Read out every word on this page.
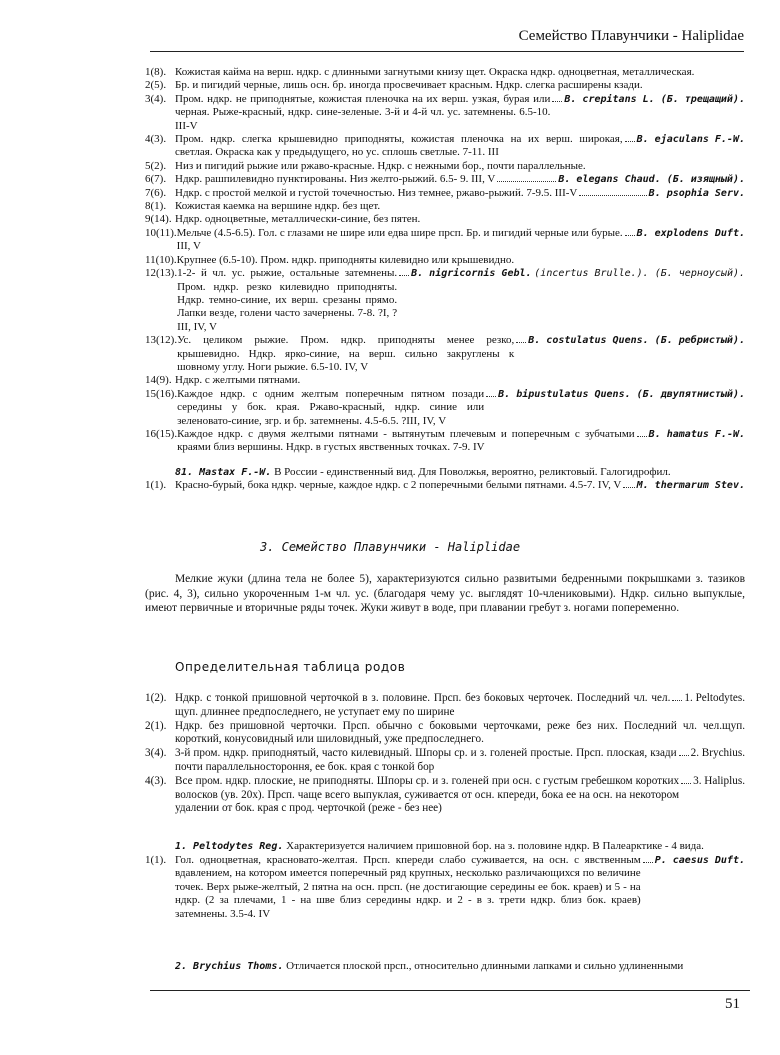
Семейство Плавунчики - Haliplidae
1(8). Кожистая кайма на верш. ндкр. с длинными загнутыми книзу щет. Окраска ндкр. одноцветная, металлическая.
2(5). Бр. и пигидий черные, лишь осн. бр. иногда просвечивает красным. Ндкр. слегка расширены кзади.
3(4). Пром. ндкр. не приподнятые, кожистая пленочка на их верш. узкая, бурая или черная. Рыже-красный, ндкр. сине-зеленые. 3-й и 4-й чл. ус. затемнены. 6.5-10. III-V
B. crepitans L. (Б. трещащий).
4(3). Пром. ндкр. слегка крышевидно приподняты, кожистая пленочка на их верш. широкая, светлая. Окраска как у предыдущего, но ус. сплошь светлые. 7-11. III
B. ejaculans F.-W.
5(2). Низ и пигидий рыжие или ржаво-красные. Ндкр. с нежными бор., почти параллельные.
6(7). Ндкр. рашпилевидно пунктированы. Низ желто-рыжий. 6.5- 9. III, V	B. elegans Chaud. (Б. изящный).
7(6). Ндкр. с простой мелкой и густой точечностью. Низ темнее, ржаво-рыжий. 7-9.5. III-V	B. psophia Serv.
8(1). Кожистая каемка на вершине ндкр. без щет.
9(14). Ндкр. одноцветные, металлически-синие, без пятен.
10(11). Мельче (4.5-6.5). Гол. с глазами не шире или едва шире прсп. Бр. и пигидий черные или бурые. III, V
B. explodens Duft.
11(10). Крупнее (6.5-10). Пром. ндкр. приподняты килевидно или крышевидно.
12(13). 1-2- й чл. ус. рыжие, остальные затемнены. Пром. ндкр. резко килевидно приподняты. Ндкр. темно-синие, их верш. срезаны прямо. Лапки везде, голени часто зачернены. 7-8. ?I, ?III, IV, V
B. nigricornis Gebl.
(incertus Brulle.). (Б. черноусый).
13(12). Ус. целиком рыжие. Пром. ндкр. приподняты менее резко, крышевидно. Ндкр. ярко-синие, на верш. сильно закруглены к шовному углу. Ноги рыжие. 6.5-10. IV, V
B. costulatus Quens. (Б. ребристый).
14(9). Ндкр. с желтыми пятнами.
15(16). Каждое ндкр. с одним желтым поперечным пятном позади середины у бок. края. Ржаво-красный, ндкр. синие или зеленовато-синие, згр. и бр. затемнены. 4.5-6.5. ?III, IV, V
B. bipustulatus Quens. (Б. двупятнистый).
16(15). Каждое ндкр. с двумя желтыми пятнами - вытянутым плечевым и поперечным с зубчатыми краями близ вершины. Ндкр. в густых явственных точках. 7-9. IV
B. hamatus F.-W.

81. Mastax F.-W. В России - единственный вид. Для Поволжья, вероятно, реликтовый. Галогидрофил.

1(1). Красно-бурый, бока ндкр. черные, каждое ндкр. с 2 поперечными белыми пятнами. 4.5-7. IV, V M. thermarum Stev.
3. Семейство Плавунчики - Haliplidae

Мелкие жуки (длина тела не более 5), характеризуются сильно развитыми бедренными покрышками з. тазиков (рис. 4, 3), сильно укороченным 1-м чл. ус. (благодаря чему ус. выглядят 10-члениковыми). Ндкр. сильно выпуклые, имеют первичные и вторичные ряды точек. Жуки живут в воде, при плавании гребут з. ногами попеременно.

Определительная таблица родов
1(2). Ндкр. с тонкой пришовной черточкой в з. половине. Прсп. без боковых черточек. Последний чл. чел. щуп. длиннее предпоследнего, не уступает ему по ширине
1. Peltodytes.
2(1). Ндкр. без пришовной черточки. Прсп. обычно с боковыми черточками, реже без них. Последний чл. чел.щуп. короткий, конусовидный или шиловидный, уже предпоследнего.
3(4). 3-й пром. ндкр. приподнятый, часто килевидный. Шпоры ср. и з. голеней простые. Прсп. плоская, кзади почти параллельностороння, ее бок. края с тонкой бор
2. Brychius.
4(3). Все пром. ндкр. плоские, не приподняты. Шпоры ср. и з. голеней при осн. с густым гребешком коротких волосков (ув. 20х). Прсп. чаще всего выпуклая, суживается от осн. кпереди, бока ее на осн. на некотором удалении от бок. края с прод. черточкой (реже - без нее)
3. Haliplus.

1. Peltodytes Reg. Характеризуется наличием пришовной бор. на з. половине ндкр. В Палеарктике - 4 вида.

1(1). Гол. одноцветная, красновато-желтая. Прсп. кпереди слабо суживается, на осн. с явственным вдавлением, на котором имеется поперечный ряд крупных, несколько различающихся по величине точек. Верх рыже-желтый, 2 пятна на осн. прсп. (не достигающие середины ее бок. краев) и 5 - на ндкр. (2 за плечами, 1 - на шве близ середины ндкр. и 2 - в з. трети ндкр. близ бок. краев) затемнены. 3.5-4. IV
P. caesus Duft.
2. Brychius Thoms. Отличается плоской прсп., относительно длинными лапками и сильно удлиненными
51
